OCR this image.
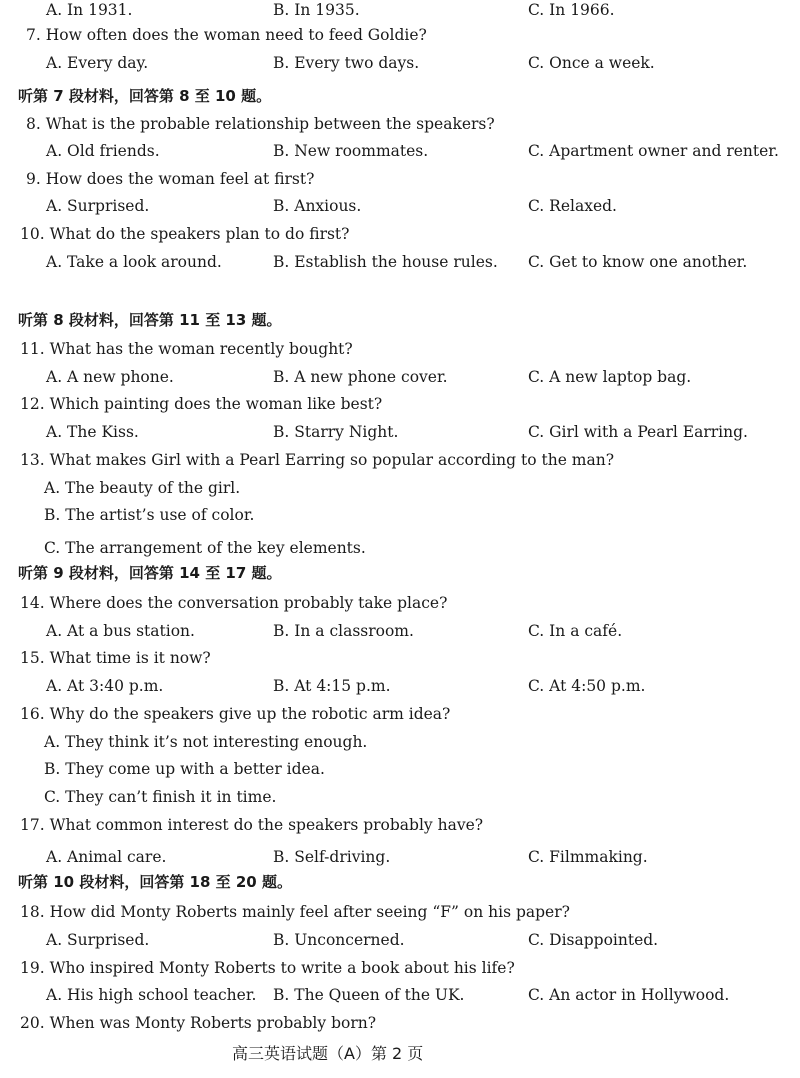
高三英语试题（A）第 2 页
7. How often does the woman need to feed Goldie?
A. Every day.	B. Every two days.	C. Once a week.
听第 7 段材料，回答第 8 至 10 题。
8. What is the probable relationship between the speakers?
A. Old friends.	B. New roommates.	C. Apartment owner and renter.
9. How does the woman feel at first?
A. Surprised.	B. Anxious.	C. Relaxed.
10. What do the speakers plan to do first?
A. Take a look around.	B. Establish the house rules. C. Get to know one another.
听第 8 段材料，回答第 11 至 13 题。
11. What has the woman recently bought?
A. A new phone.	B. A new phone cover.	C. A new laptop bag.
12. Which painting does the woman like best?
A. The Kiss.	B. Starry Night.	C. Girl with a Pearl Earring.
13. What makes Girl with a Pearl Earring so popular according to the man?
A. The beauty of the girl.
B. The artist’s use of color.
C. The arrangement of the key elements.
听第 9 段材料，回答第 14 至 17 题。
14. Where does the conversation probably take place?
A. At a bus station.	B. In a classroom.	C. In a café.
15. What time is it now?
A. At 3:40 p.m.	B. At 4:15 p.m.	C. At 4:50 p.m.
16. Why do the speakers give up the robotic arm idea?
A. They think it’s not interesting enough.
B. They come up with a better idea.
C. They can’t finish it in time.
17. What common interest do the speakers probably have?
A. Animal care.	B. Self-driving.	C. Filmmaking.
听第 10 段材料，回答第 18 至 20 题。
18. How did Monty Roberts mainly feel after seeing “F” on his paper?
A. Surprised.	B. Unconcerned.	C. Disappointed.
19. Who inspired Monty Roberts to write a book about his life?
A. His high school teacher. B. The Queen of the UK.	C. An actor in Hollywood.
20. When was Monty Roberts probably born?
A. In 1931.	B. In 1935.	C. In 1966.
